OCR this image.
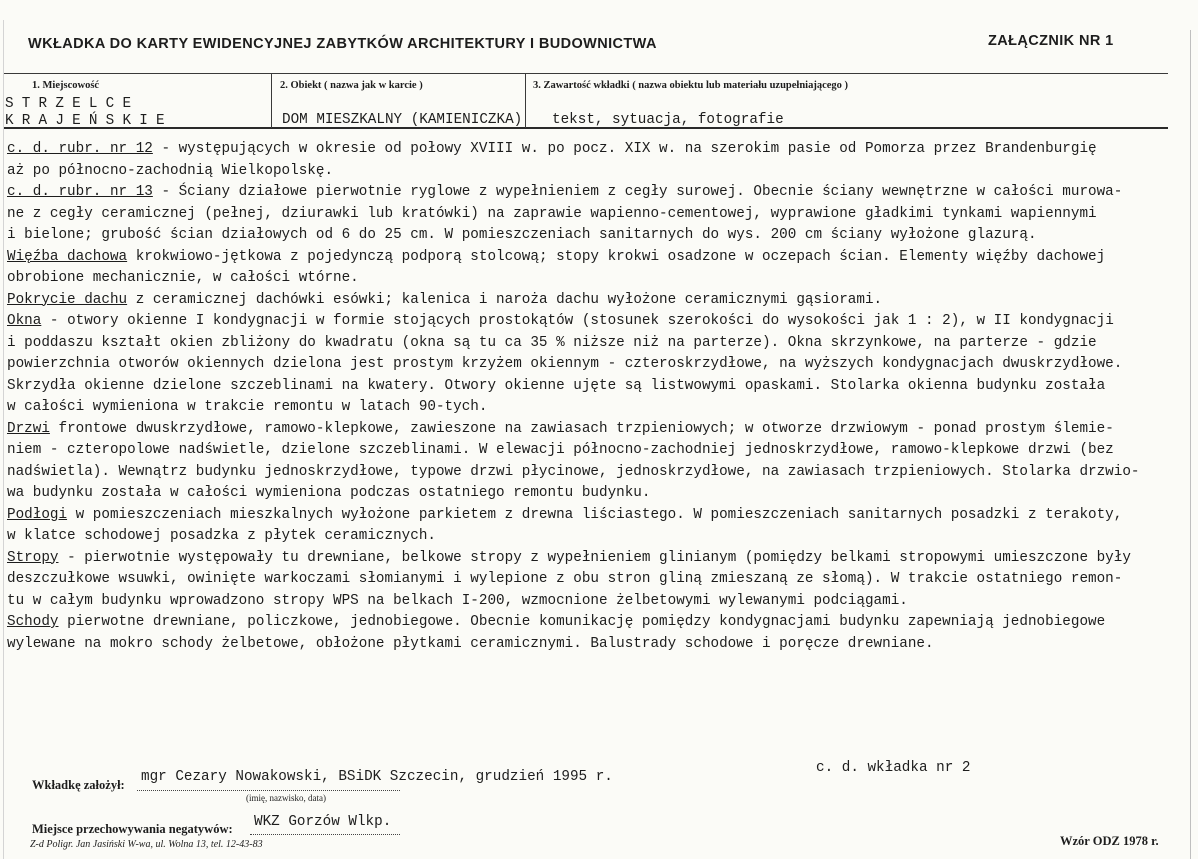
WKŁADKA DO KARTY EWIDENCYJNEJ ZABYTKÓW ARCHITEKTURY I BUDOWNICTWA	ZAŁĄCZNIK NR 1
1. Miejscowość	2. Obiekt ( nazwa jak w karcie )	3. Zawartość wkładki ( nazwa obiektu lub materiału uzupełniającego )
STRZELCE
KRAJEŃSKIE	DOM MIESZKALNY (KAMIENICZKA) tekst, sytuacja, fotografie
c. d. rubr. nr 12 - występujących w okresie od połowy XVIII w. po pocz. XIX w. na szerokim pasie od Pomorza przez Brandenburgię
aż po północno-zachodnią Wielkopolskę.
c. d. rubr. nr 13 - Ściany działowe pierwotnie ryglowe z wypełnieniem z cegły surowej. Obecnie ściany wewnętrzne w całości murowa-
ne z cegły ceramicznej (pełnej, dziurawki lub kratówki) na zaprawie wapienno-cementowej, wyprawione gładkimi tynkami wapiennymi
i bielone; grubość ścian działowych od 6 do 25 cm. W pomieszczeniach sanitarnych do wys. 200 cm ściany wyłożone glazurą.
Więźba dachowa krokwiowo-jętkowa z pojedynczą podporą stolcową; stopy krokwi osadzone w oczepach ścian. Elementy więźby dachowej
obrobione mechanicznie, w całości wtórne.
Pokrycie dachu z ceramicznej dachówki esówki; kalenica i naroża dachu wyłożone ceramicznymi gąsiorami.
Okna - otwory okienne I kondygnacji w formie stojących prostokątów (stosunek szerokości do wysokości jak 1 : 2), w II kondygnacji
i poddaszu kształt okien zbliżony do kwadratu (okna są tu ca 35 % niższe niż na parterze). Okna skrzynkowe, na parterze - gdzie
powierzchnia otworów okiennych dzielona jest prostym krzyżem okiennym - czteroskrzydłowe, na wyższych kondygnacjach dwuskrzydłowe.
Skrzydła okienne dzielone szczeblinami na kwatery. Otwory okienne ujęte są listwowymi opaskami. Stolarka okienna budynku została
w całości wymieniona w trakcie remontu w latach 90-tych.
Drzwi frontowe dwuskrzydłowe, ramowo-klepkowe, zawieszone na zawiasach trzpieniowych; w otworze drzwiowym - ponad prostym ślemie-
niem - czteropolowe nadświetle, dzielone szczeblinami. W elewacji północno-zachodniej jednoskrzydłowe, ramowo-klepkowe drzwi (bez
nadświetla). Wewnątrz budynku jednoskrzydłowe, typowe drzwi płycinowe, jednoskrzydłowe, na zawiasach trzpieniowych. Stolarka drzwio-
wa budynku została w całości wymieniona podczas ostatniego remontu budynku.
Podłogi w pomieszczeniach mieszkalnych wyłożone parkietem z drewna liściastego. W pomieszczeniach sanitarnych posadzki z terakoty,
w klatce schodowej posadzka z płytek ceramicznych.
Stropy - pierwotnie występowały tu drewniane, belkowe stropy z wypełnieniem glinianym (pomiędzy belkami stropowymi umieszczone były
deszczułkowe wsuwki, owinięte warkoczami słomianymi i wylepione z obu stron gliną zmieszaną ze słomą). W trakcie ostatniego remon-
tu w całym budynku wprowadzono stropy WPS na belkach I-200, wzmocnione żelbetowymi wylewanymi podciągami.
Schody pierwotne drewniane, policzkowe, jednobiegowe. Obecnie komunikację pomiędzy kondygnacjami budynku zapewniają jednobiegowe
wylewane na mokro schody żelbetowe, obłożone płytkami ceramicznymi. Balustrady schodowe i poręcze drewniane.
c. d. wkładka nr 2
Wkładkę założył: mgr Cezary Nowakowski, BSiDK Szczecin, grudzień 1995 r.
(imię, nazwisko, data)
Miejsce przechowywania negatywów: WKZ Gorzów Wlkp.
Z-d Poligr. Jan Jasiński W-wa, ul. Wolna 13, tel. 12-43-83	Wzór ODZ 1978 r.
